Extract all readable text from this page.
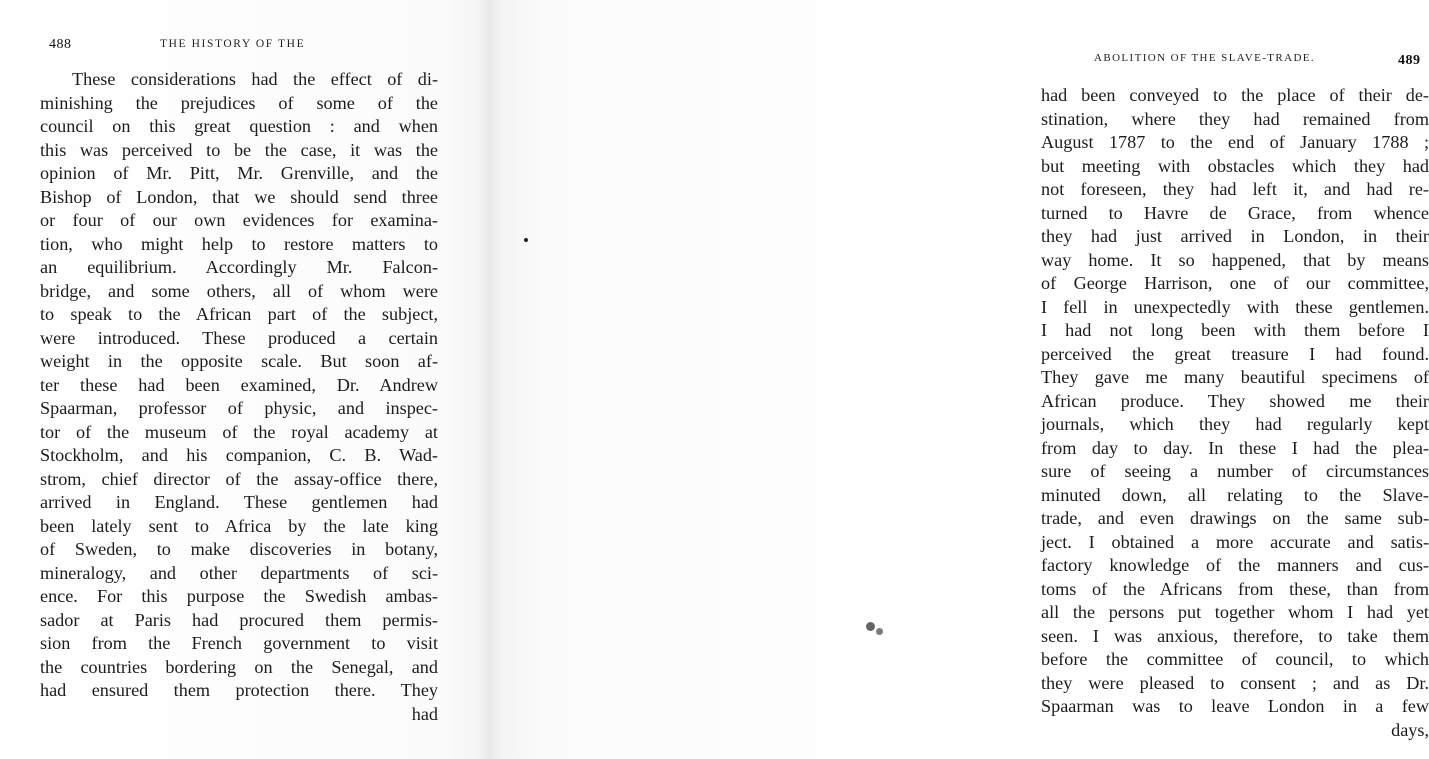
488	THE HISTORY OF THE
These considerations had the effect of di-
minishing the prejudices of some of the
council on this great question : and when
this was perceived to be the case, it was the
opinion of Mr. Pitt, Mr. Grenville, and the
Bishop of London, that we should send three
or four of our own evidences for examina-
tion, who might help to restore matters to
an equilibrium. Accordingly Mr. Falcon-
bridge, and some others, all of whom were
to speak to the African part of the subject,
were introduced. These produced a certain
weight in the opposite scale. But soon af-
ter these had been examined, Dr. Andrew
Spaarman, professor of physic, and inspec-
tor of the museum of the royal academy at
Stockholm, and his companion, C. B. Wad-
strom, chief director of the assay-office there,
arrived in England. These gentlemen had
been lately sent to Africa by the late king
of Sweden, to make discoveries in botany,
mineralogy, and other departments of sci-
ence. For this purpose the Swedish ambas-
sador at Paris had procured them permis-
sion from the French government to visit
the countries bordering on the Senegal, and
had ensured them protection there. They
had
ABOLITION OF THE SLAVE-TRADE.	489
had been conveyed to the place of their de-
stination, where they had remained from
August 1787 to the end of January 1788 ;
but meeting with obstacles which they had
not foreseen, they had left it, and had re-
turned to Havre de Grace, from whence
they had just arrived in London, in their
way home. It so happened, that by means
of George Harrison, one of our committee,
I fell in unexpectedly with these gentlemen.
I had not long been with them before I
perceived the great treasure I had found.
They gave me many beautiful specimens of
African produce. They showed me their
journals, which they had regularly kept
from day to day. In these I had the plea-
sure of seeing a number of circumstances
minuted down, all relating to the Slave-
trade, and even drawings on the same sub-
ject. I obtained a more accurate and satis-
factory knowledge of the manners and cus-
toms of the Africans from these, than from
all the persons put together whom I had yet
seen. I was anxious, therefore, to take them
before the committee of council, to which
they were pleased to consent ; and as Dr.
Spaarman was to leave London in a few
days,
